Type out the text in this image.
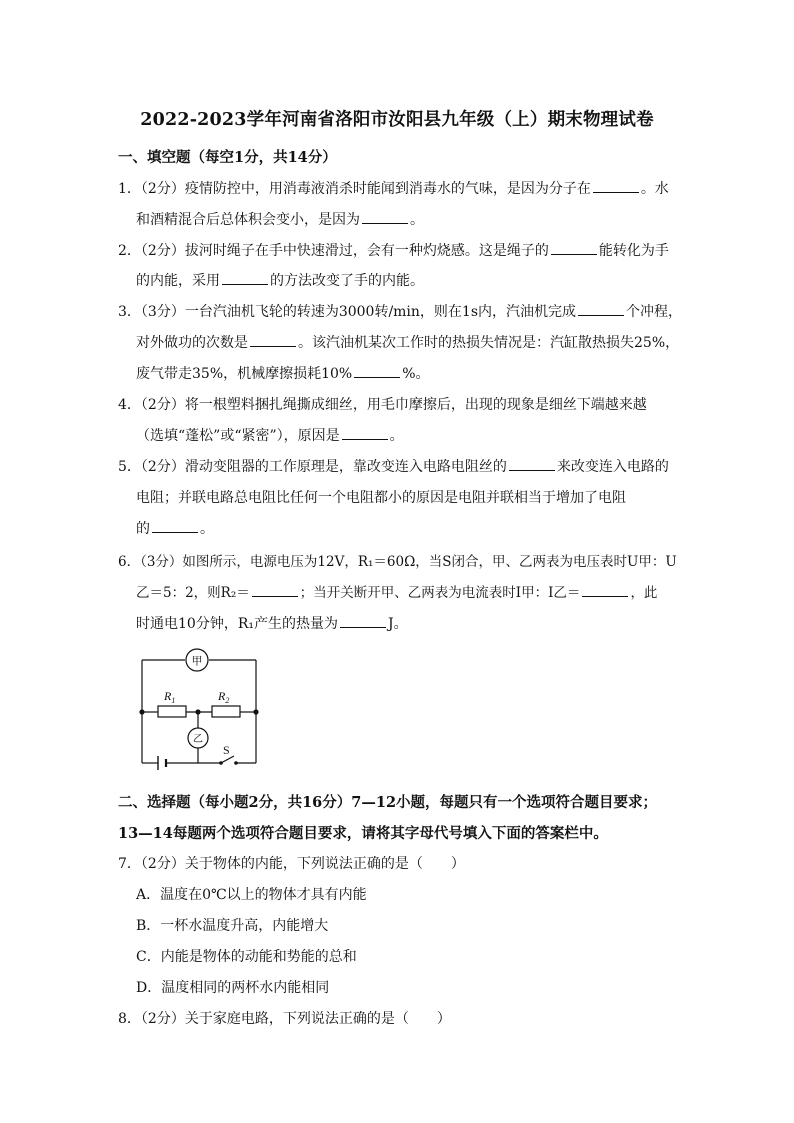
2022-2023学年河南省洛阳市汝阳县九年级（上）期末物理试卷
一、填空题（每空1分，共14分）
1．（2分）疫情防控中，用消毒液消杀时能闻到消毒水的气味，是因为分子在	。水
和酒精混合后总体积会变小，是因为	。
2．（2分）拔河时绳子在手中快速滑过，会有一种灼烧感。这是绳子的	能转化为手
的内能，采用	的方法改变了手的内能。
3．（3分）一台汽油机飞轮的转速为3000转/min，则在1s内，汽油机完成	个冲程，
对外做功的次数是	。该汽油机某次工作时的热损失情况是：汽缸散热损失25%，
废气带走35%，机械摩擦损耗10%	%。
4．（2分）将一根塑料捆扎绳撕成细丝，用毛巾摩擦后，出现的现象是细丝下端越来越
（选填“蓬松”或“紧密”），原因是	。
5．（2分）滑动变阻器的工作原理是，靠改变连入电路电阻丝的	来改变连入电路的
电阻；并联电路总电阻比任何一个电阻都小的原因是电阻并联相当于增加了电阻
的	。
6．（3分）如图所示，电源电压为12V，R₁＝60Ω，当S闭合，甲、乙两表为电压表时U甲：U
乙＝5：2，则R₂＝	；当开关断开甲、乙两表为电流表时I甲：I乙＝	，此
时通电10分钟，R₁产生的热量为	J。
甲
乙
$R_1$	$R_2$
S
二、选择题（每小题2分，共16分）7—12小题，每题只有一个选项符合题目要求；
13—14每题两个选项符合题目要求，请将其字母代号填入下面的答案栏中。
7．（2分）关于物体的内能，下列说法正确的是（　　）
A．温度在0℃以上的物体才具有内能
B．一杯水温度升高，内能增大
C．内能是物体的动能和势能的总和
D．温度相同的两杯水内能相同
8．（2分）关于家庭电路，下列说法正确的是（　　）
